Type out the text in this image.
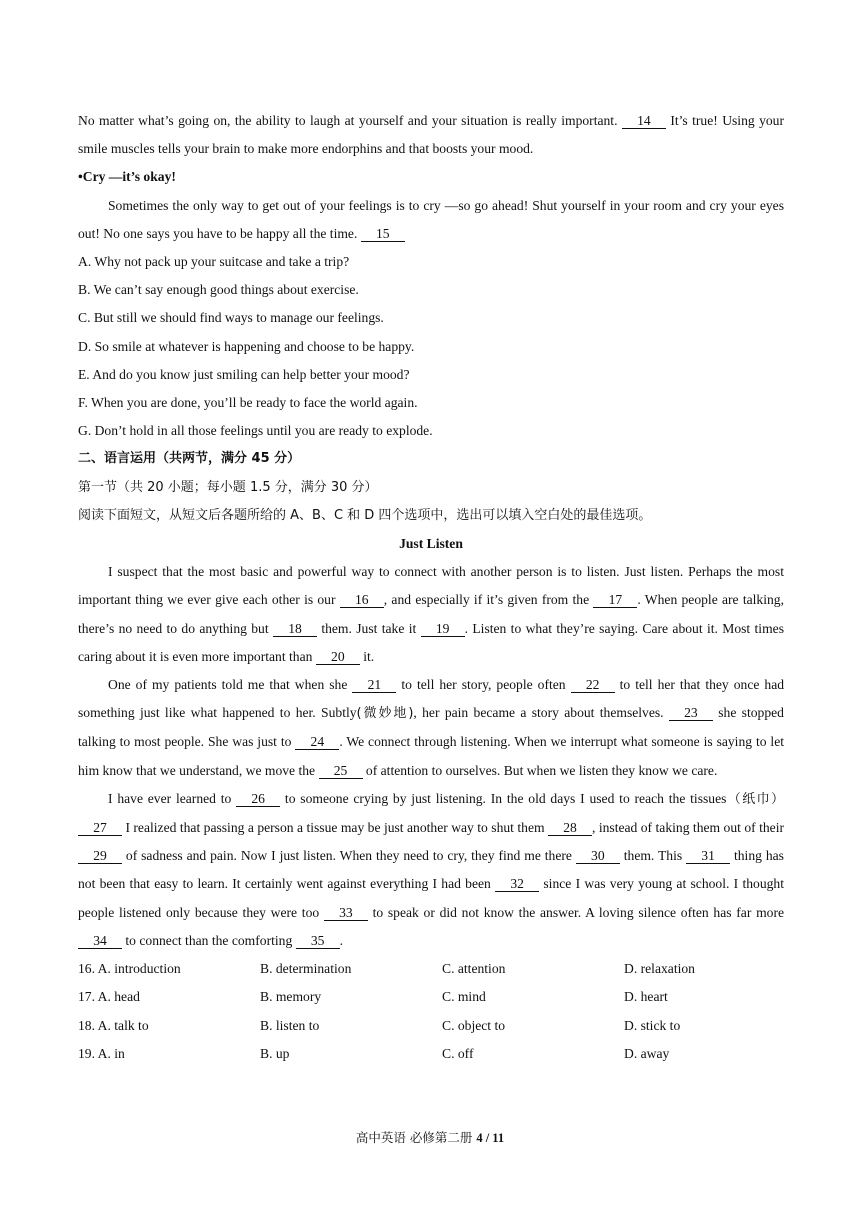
No matter what’s going on, the ability to laugh at yourself and your situation is really important. 14 It’s true! Using your smile muscles tells your brain to make more endorphins and that boosts your mood.

•Cry —it’s okay!

Sometimes the only way to get out of your feelings is to cry —so go ahead! Shut yourself in your room and cry your eyes out! No one says you have to be happy all the time. 15

A. Why not pack up your suitcase and take a trip?

B. We can’t say enough good things about exercise.

C. But still we should find ways to manage our feelings.

D. So smile at whatever is happening and choose to be happy.

E. And do you know just smiling can help better your mood?

F. When you are done, you’ll be ready to face the world again.

G. Don’t hold in all those feelings until you are ready to explode.

二、语言运用（共两节，满分 45 分）

第一节（共 20 小题；每小题 1.5 分，满分 30 分）

阅读下面短文，从短文后各题所给的 A、B、C 和 D 四个选项中，选出可以填入空白处的最佳选项。

Just Listen

I suspect that the most basic and powerful way to connect with another person is to listen. Just listen. Perhaps the most important thing we ever give each other is our 16 , and especially if it’s given from the 17 . When people are talking, there’s no need to do anything but 18 them. Just take it 19 . Listen to what they’re saying. Care about it. Most times caring about it is even more important than 20 it.

One of my patients told me that when she 21 to tell her story, people often 22 to tell her that they once had something just like what happened to her. Subtly(微妙地), her pain became a story about themselves. 23 she stopped talking to most people. She was just to 24 . We connect through listening. When we interrupt what someone is saying to let him know that we understand, we move the 25 of attention to ourselves. But when we listen they know we care.

I have ever learned to 26 to someone crying by just listening. In the old days I used to reach the tissues（纸巾）27 I realized that passing a person a tissue may be just another way to shut them 28 , instead of taking them out of their 29 of sadness and pain. Now I just listen. When they need to cry, they find me there 30 them. This 31 thing has not been that easy to learn. It certainly went against everything I had been 32 since I was very young at school. I thought people listened only because they were too 33 to speak or did not know the answer. A loving silence often has far more 34 to connect than the comforting 35 .

16. A. introduction	B. determination	C. attention	D. relaxation
17. A. head	B. memory	C. mind	D. heart
18. A. talk to	B. listen to	C. object to	D. stick to
19. A. in	B. up	C. off	D. away
高中英语 必修第二册 4 / 11
